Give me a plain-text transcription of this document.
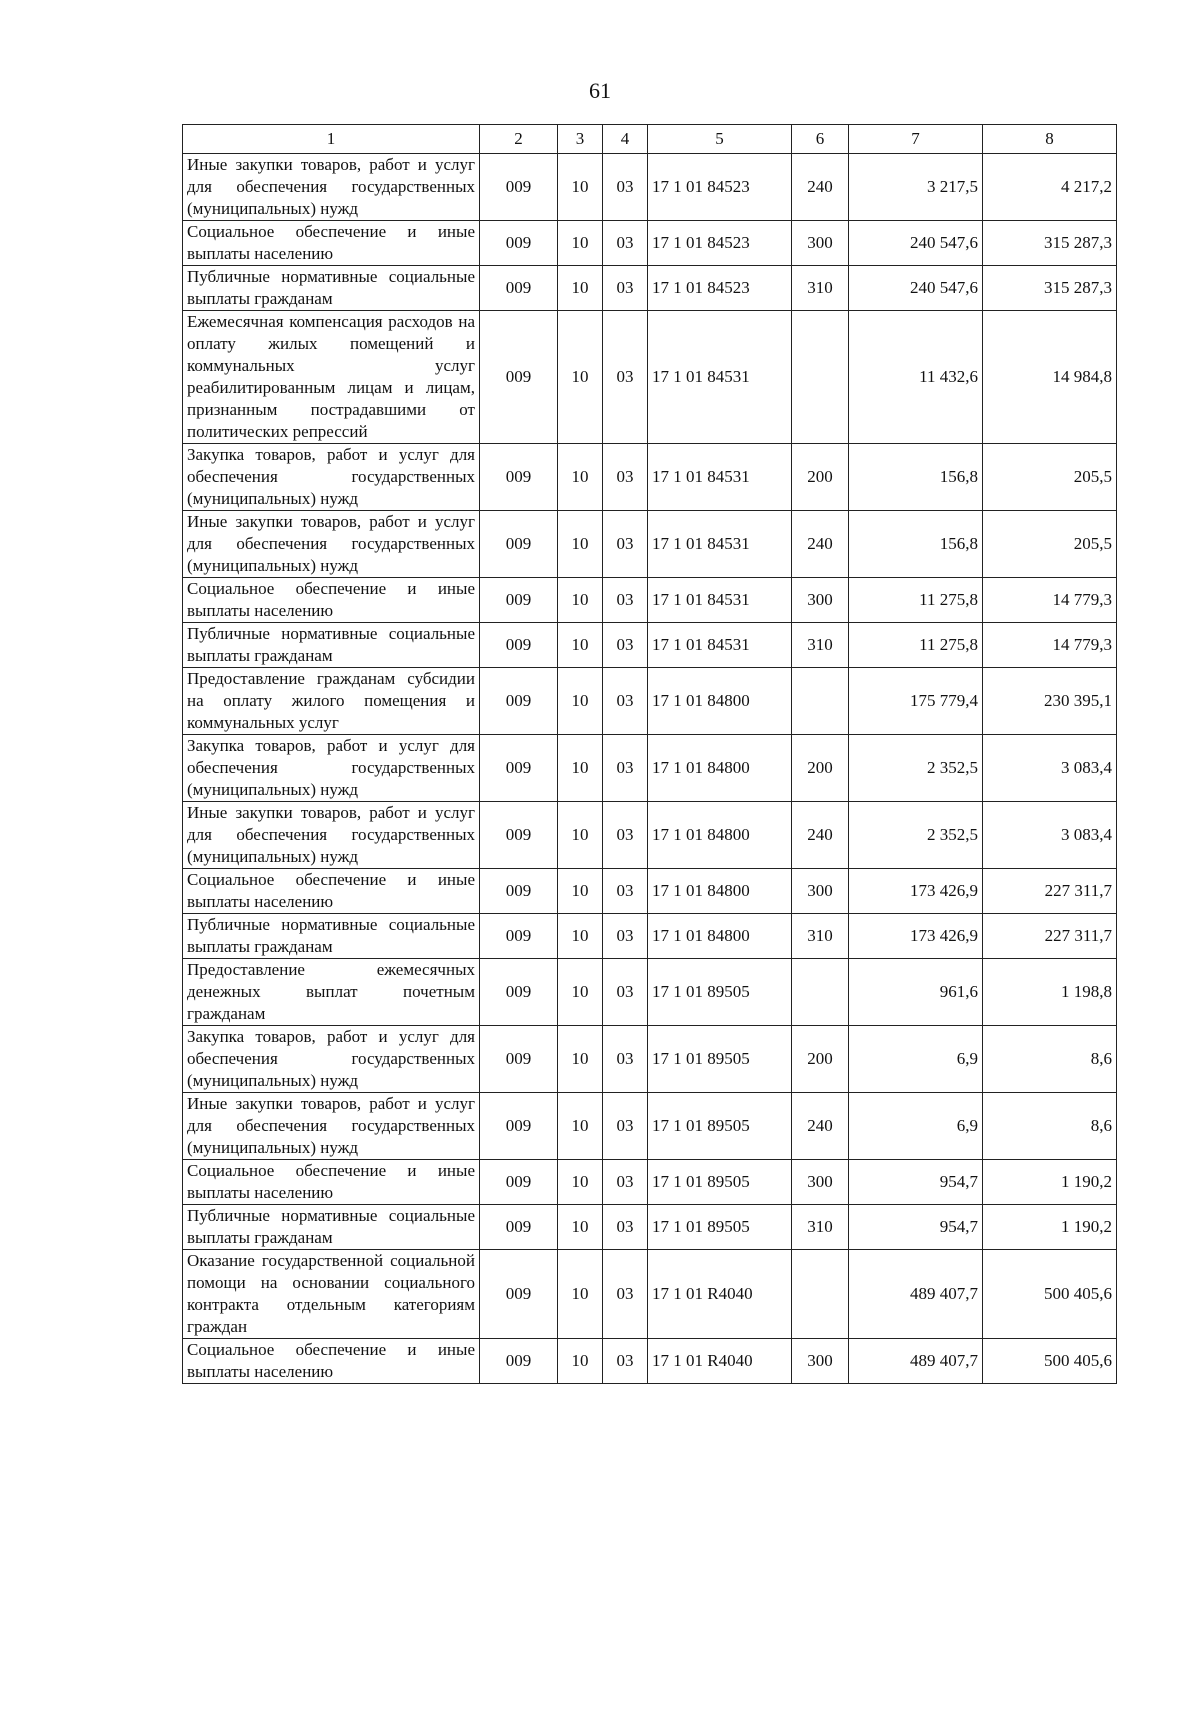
61
1	2	3	4	5	6	7	8
Иные закупки товаров, работ и услуг для обеспечения государственных (муниципальных) нужд	009	10	03	17 1 01 84523	240	3 217,5	4 217,2
Социальное обеспечение и иные выплаты населению	009	10	03	17 1 01 84523	300	240 547,6	315 287,3
Публичные нормативные социальные выплаты гражданам	009	10	03	17 1 01 84523	310	240 547,6	315 287,3
Ежемесячная компенсация расходов на оплату жилых помещений и коммунальных услуг реабилитированным лицам и лицам, признанным пострадавшими от политических репрессий	009	10	03	17 1 01 84531		11 432,6	14 984,8
Закупка товаров, работ и услуг для обеспечения государственных (муниципальных) нужд	009	10	03	17 1 01 84531	200	156,8	205,5
Иные закупки товаров, работ и услуг для обеспечения государственных (муниципальных) нужд	009	10	03	17 1 01 84531	240	156,8	205,5
Социальное обеспечение и иные выплаты населению	009	10	03	17 1 01 84531	300	11 275,8	14 779,3
Публичные нормативные социальные выплаты гражданам	009	10	03	17 1 01 84531	310	11 275,8	14 779,3
Предоставление гражданам субсидии на оплату жилого помещения и коммунальных услуг	009	10	03	17 1 01 84800		175 779,4	230 395,1
Закупка товаров, работ и услуг для обеспечения государственных (муниципальных) нужд	009	10	03	17 1 01 84800	200	2 352,5	3 083,4
Иные закупки товаров, работ и услуг для обеспечения государственных (муниципальных) нужд	009	10	03	17 1 01 84800	240	2 352,5	3 083,4
Социальное обеспечение и иные выплаты населению	009	10	03	17 1 01 84800	300	173 426,9	227 311,7
Публичные нормативные социальные выплаты гражданам	009	10	03	17 1 01 84800	310	173 426,9	227 311,7
Предоставление ежемесячных денежных выплат почетным гражданам	009	10	03	17 1 01 89505		961,6	1 198,8
Закупка товаров, работ и услуг для обеспечения государственных (муниципальных) нужд	009	10	03	17 1 01 89505	200	6,9	8,6
Иные закупки товаров, работ и услуг для обеспечения государственных (муниципальных) нужд	009	10	03	17 1 01 89505	240	6,9	8,6
Социальное обеспечение и иные выплаты населению	009	10	03	17 1 01 89505	300	954,7	1 190,2
Публичные нормативные социальные выплаты гражданам	009	10	03	17 1 01 89505	310	954,7	1 190,2
Оказание государственной социальной помощи на основании социального контракта отдельным категориям граждан	009	10	03	17 1 01 R4040		489 407,7	500 405,6
Социальное обеспечение и иные выплаты населению	009	10	03	17 1 01 R4040	300	489 407,7	500 405,6
